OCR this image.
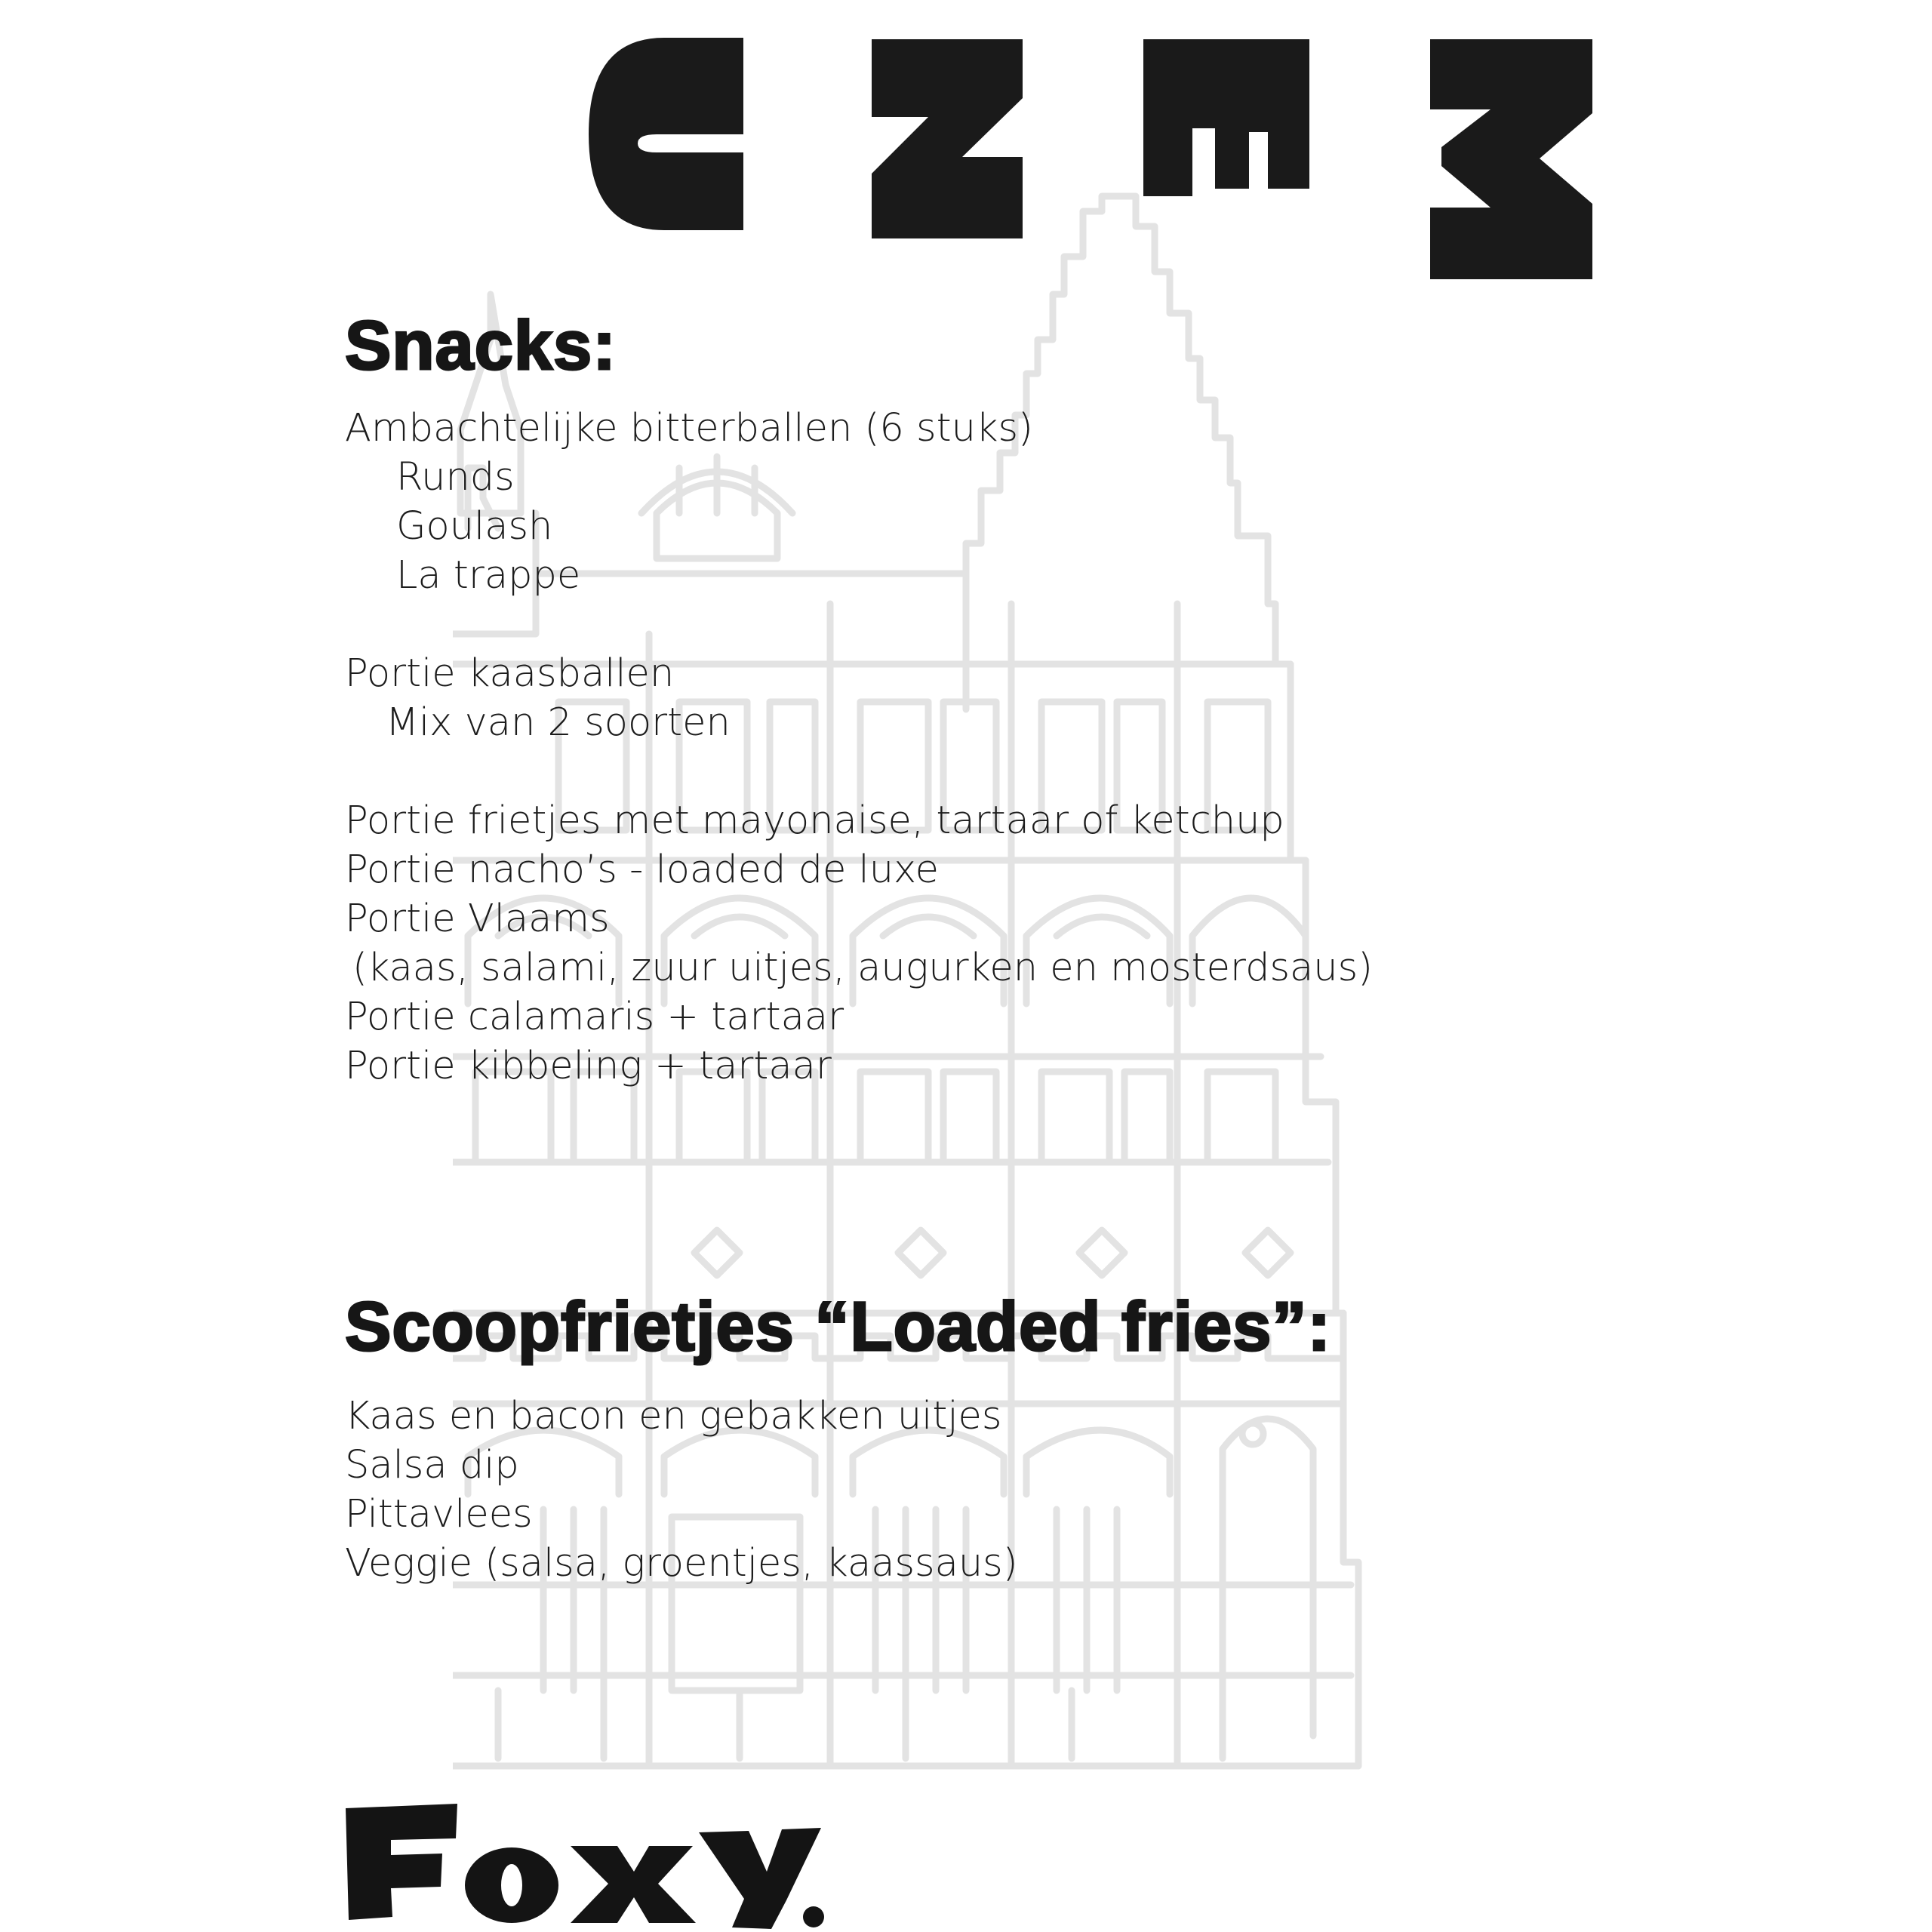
Snacks:

Ambachtelijke bitterballen (6 stuks)

Runds

Goulash

La trappe

Portie kaasballen

Mix van 2 soorten

Portie frietjes met mayonaise, tartaar of ketchup

Portie nacho’s - loaded de luxe

Portie Vlaams

(kaas, salami, zuur uitjes, augurken en mosterdsaus)

Portie calamaris + tartaar

Portie kibbeling + tartaar

Scoopfrietjes “Loaded fries”:

Kaas en bacon en gebakken uitjes

Salsa dip

Pittavlees

Veggie (salsa, groentjes, kaassaus)
